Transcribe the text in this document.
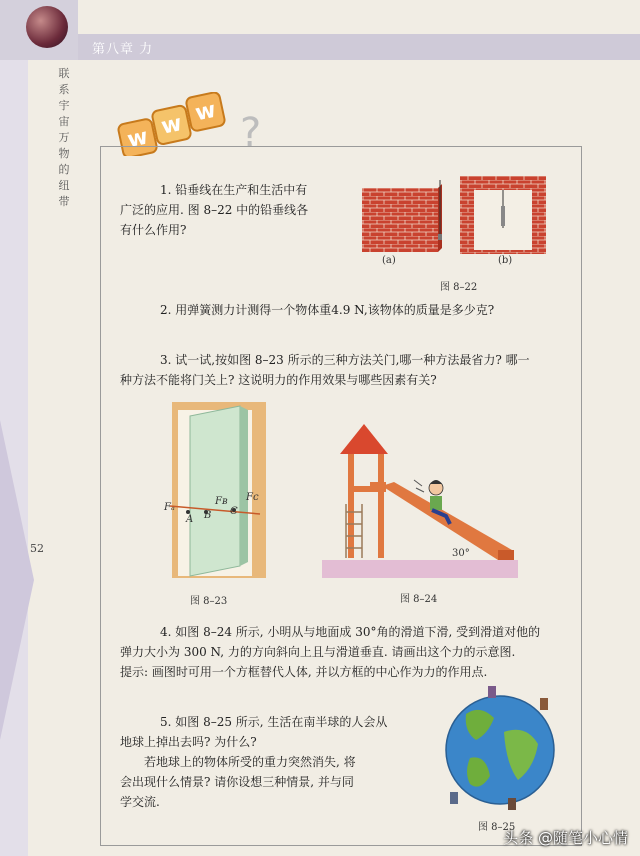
第八章 力
联
系
宇
宙
万
物
的
纽
带
52
w w w ?
1. 铅垂线在生产和生活中有
广泛的应用. 图 8–22 中的铅垂线各
有什么作用?
(a)	(b)
图 8–22
2. 用弹簧测力计测得一个物体重4.9 N,该物体的质量是多少克?
3. 试一试,按如图 8–23 所示的三种方法关门,哪一种方法最省力? 哪一
种方法不能将门关上? 这说明力的作用效果与哪些因素有关?
Fₐ
Fʙ Fᴄ
A B C
图 8–23
30°
图 8–24
4. 如图 8–24 所示, 小明从与地面成 30°角的滑道下滑, 受到滑道对他的
弹力大小为 300 N, 力的方向斜向上且与滑道垂直. 请画出这个力的示意图.
提示: 画图时可用一个方框替代人体, 并以方框的中心作为力的作用点.
5. 如图 8–25 所示, 生活在南半球的人会从
地球上掉出去吗? 为什么?
若地球上的物体所受的重力突然消失, 将
会出现什么情景? 请你设想三种情景, 并与同
学交流.
图 8–25
头条 @随笔小心情
